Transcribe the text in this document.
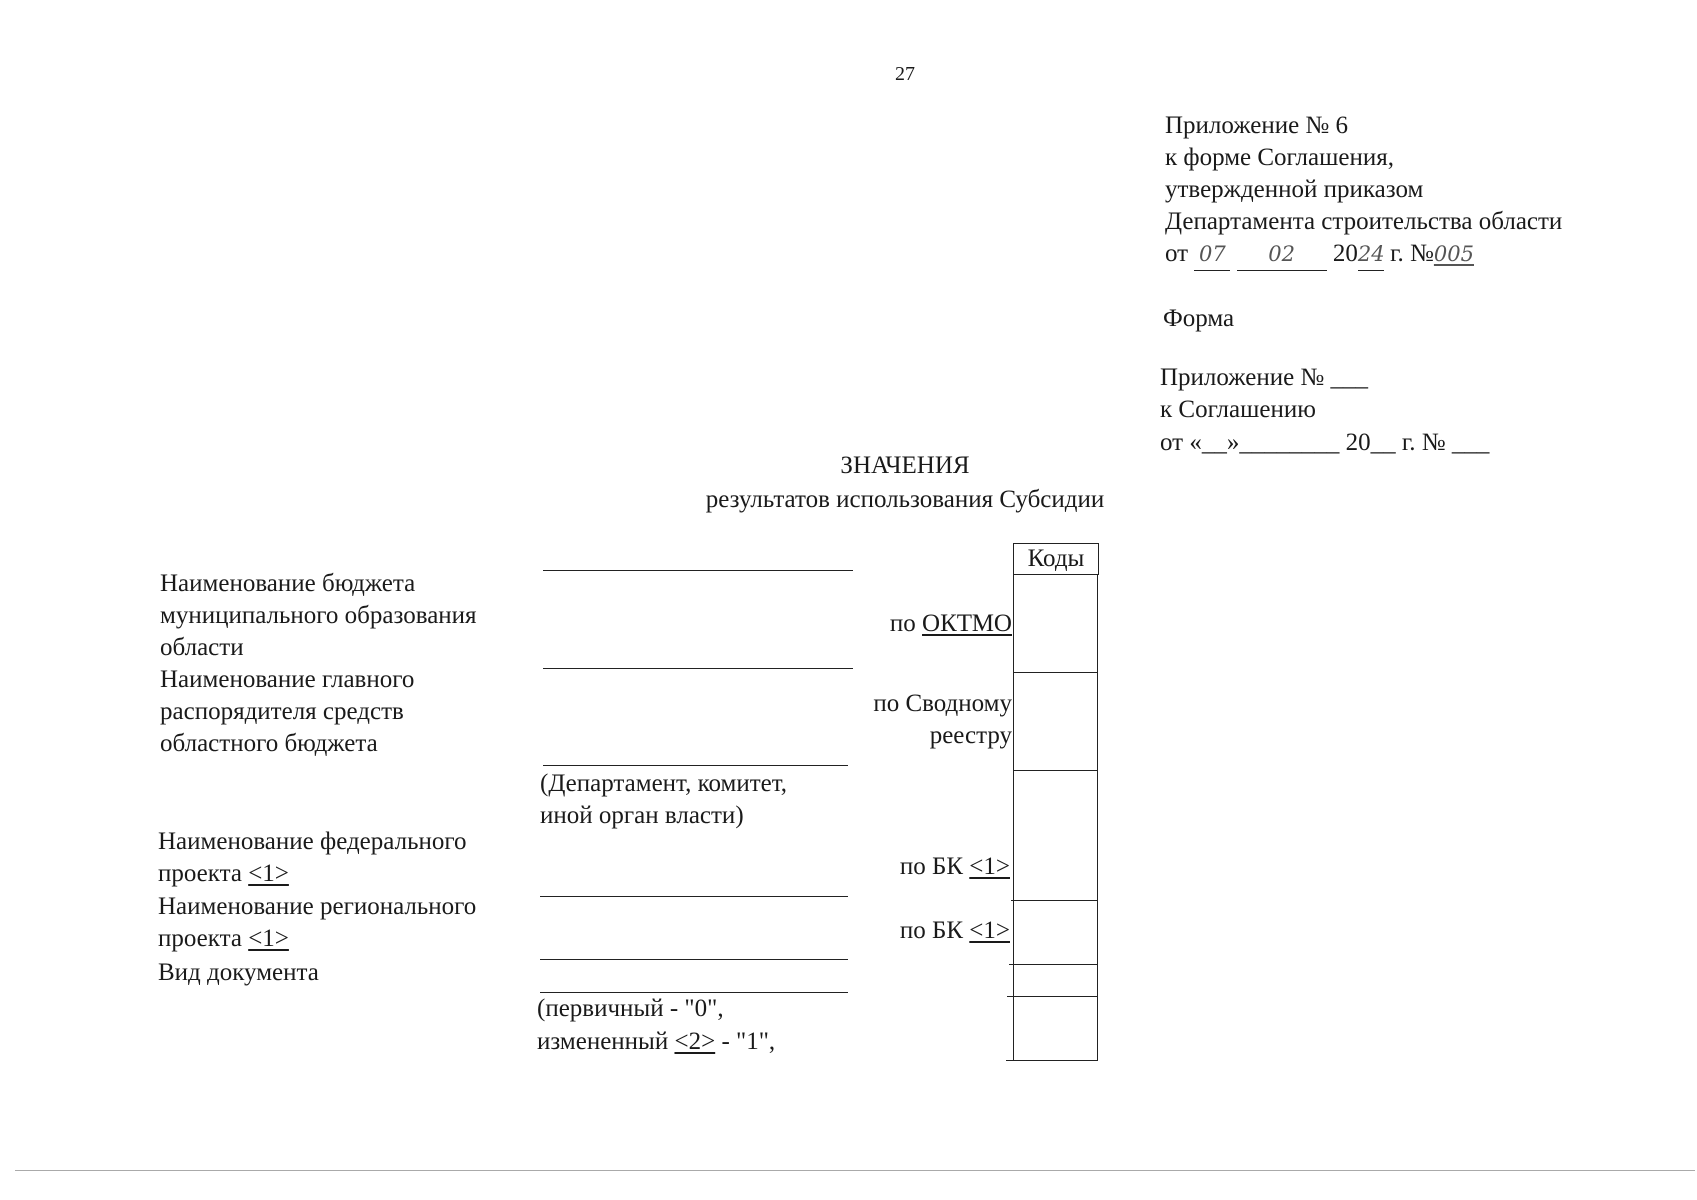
27
Приложение № 6
к форме Соглашения,
утвержденной приказом
Департамента строительства области
от 07 02 2024 г. №005
Форма
Приложение № ___
к Соглашению
от «__»________ 20__ г. № ___
ЗНАЧЕНИЯ
результатов использования Субсидии
Наименование бюджета
муниципального образования
области
Наименование главного
распорядителя средств
областного бюджета
Наименование федерального
проекта <1>
Наименование регионального
проекта <1>
Вид документа
(Департамент, комитет,
иной орган власти)
(первичный - "0",
измененный <2> - "1",
по ОКТМО
по Сводному
реестру
по БК <1>
по БК <1>
Коды
